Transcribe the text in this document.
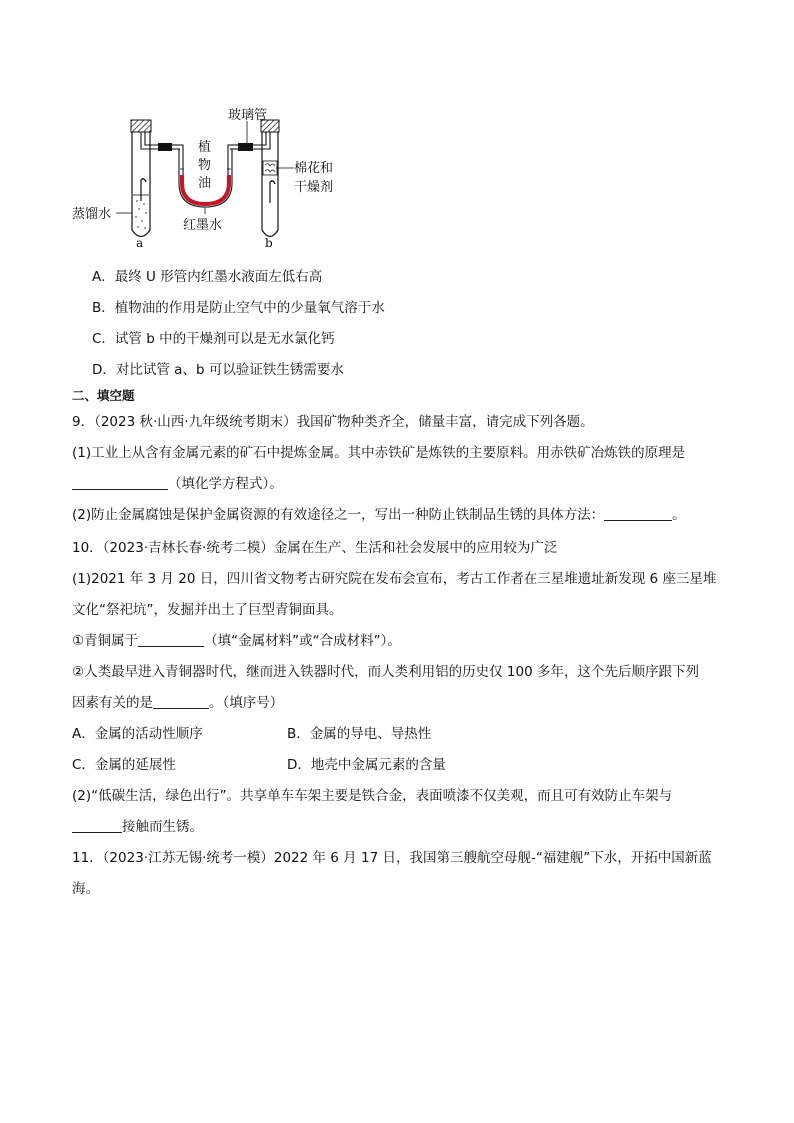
玻璃管
植
物
油
棉花和
干燥剂
蒸馏水
红墨水
a	b
A．最终 U 形管内红墨水液面左低右高
B．植物油的作用是防止空气中的少量氧气溶于水
C．试管 b 中的干燥剂可以是无水氯化钙
D．对比试管 a、b 可以验证铁生锈需要水
二、填空题
9．（2023 秋·山西·九年级统考期末）我国矿物种类齐全，储量丰富，请完成下列各题。
(1)工业上从含有金属元素的矿石中提炼金属。其中赤铁矿是炼铁的主要原料。用赤铁矿冶炼铁的原理是
（填化学方程式）。
(2)防止金属腐蚀是保护金属资源的有效途径之一，写出一种防止铁制品生锈的具体方法：	。
10．（2023·吉林长春·统考二模）金属在生产、生活和社会发展中的应用较为广泛
(1)2021 年 3 月 20 日，四川省文物考古研究院在发布会宣布，考古工作者在三星堆遗址新发现 6 座三星堆
文化“祭祀坑”，发掘并出土了巨型青铜面具。
①青铜属于	（填“金属材料”或“合成材料”）。
②人类最早进入青铜器时代，继而进入铁器时代，而人类利用铝的历史仅 100 多年，这个先后顺序跟下列
因素有关的是	。（填序号）
A．金属的活动性顺序	B．金属的导电、导热性
C．金属的延展性	D．地壳中金属元素的含量
(2)“低碳生活，绿色出行”。共享单车车架主要是铁合金，表面喷漆不仅美观，而且可有效防止车架与
接触而生锈。
11．（2023·江苏无锡·统考一模）2022 年 6 月 17 日，我国第三艘航空母舰-“福建舰”下水，开拓中国新蓝
海。
